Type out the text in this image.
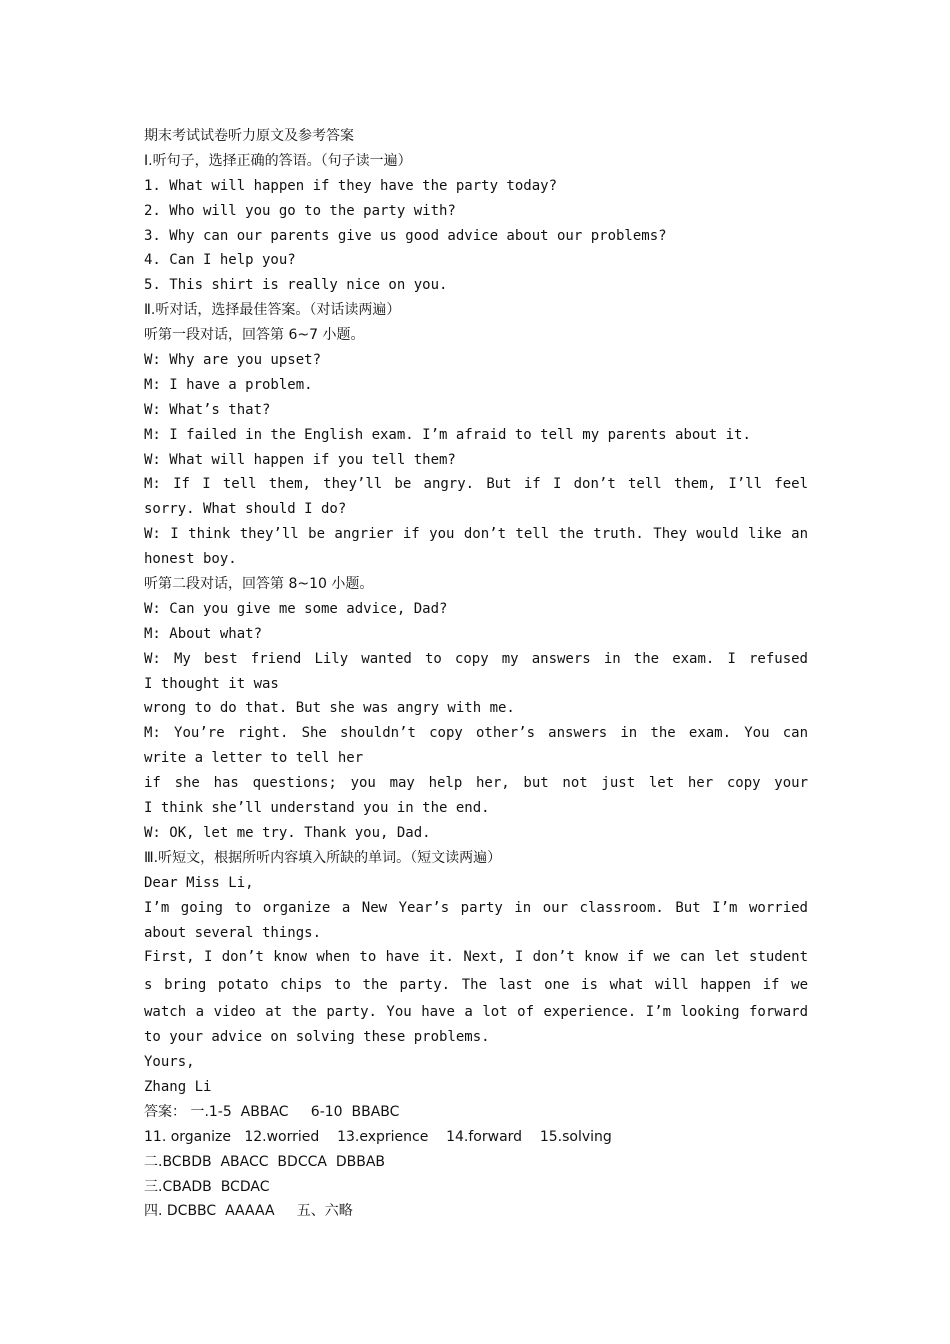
期末考试试卷听力原文及参考答案
Ⅰ.听句子，选择正确的答语。（句子读一遍）
1. What will happen if they have the party today?
2. Who will you go to the party with?
3. Why can our parents give us good advice about our problems?
4. Can I help you?
5. This shirt is really nice on you.
Ⅱ.听对话，选择最佳答案。（对话读两遍）
听第一段对话，回答第 6~7 小题。
W: Why are you upset?
M: I have a problem.
W: What’s that?
M: I failed in the English exam. I’m afraid to tell my parents about it.
W: What will happen if you tell them?
M: If I tell them, they’ll be angry. But if I don’t tell them, I’ll feel
sorry. What should I do?
W: I think they’ll be angrier if you don’t tell the truth. They would like an
honest boy.
听第二段对话，回答第 8~10 小题。
W: Can you give me some advice, Dad?
M: About what?
W: My best friend Lily wanted to copy my answers in the exam. I refused
I thought it was
wrong to do that. But she was angry with me.
M: You’re right. She shouldn’t copy other’s answers in the exam. You can
write a letter to tell her
if she has questions; you may help her, but not just let her copy your
I think she’ll understand you in the end.
W: OK, let me try. Thank you, Dad.
Ⅲ.听短文，根据所听内容填入所缺的单词。（短文读两遍）
Dear Miss Li,
I’m going to organize a New Year’s party in our classroom. But I’m worried
about several things.
First, I don’t know when to have it. Next, I don’t know if we can let student
s bring potato chips to the party. The last one is what will happen if we
watch a video at the party. You have a lot of experience. I’m looking forward
to your advice on solving these problems.
Yours,
Zhang Li
答案： 一.1-5  ABBAC     6-10  BBABC
11. organize   12.worried    13.exprience    14.forward    15.solving
二.BCBDB  ABACC  BDCCA  DBBAB
三.CBADB  BCDAC
四. DCBBC  AAAAA     五、六略
